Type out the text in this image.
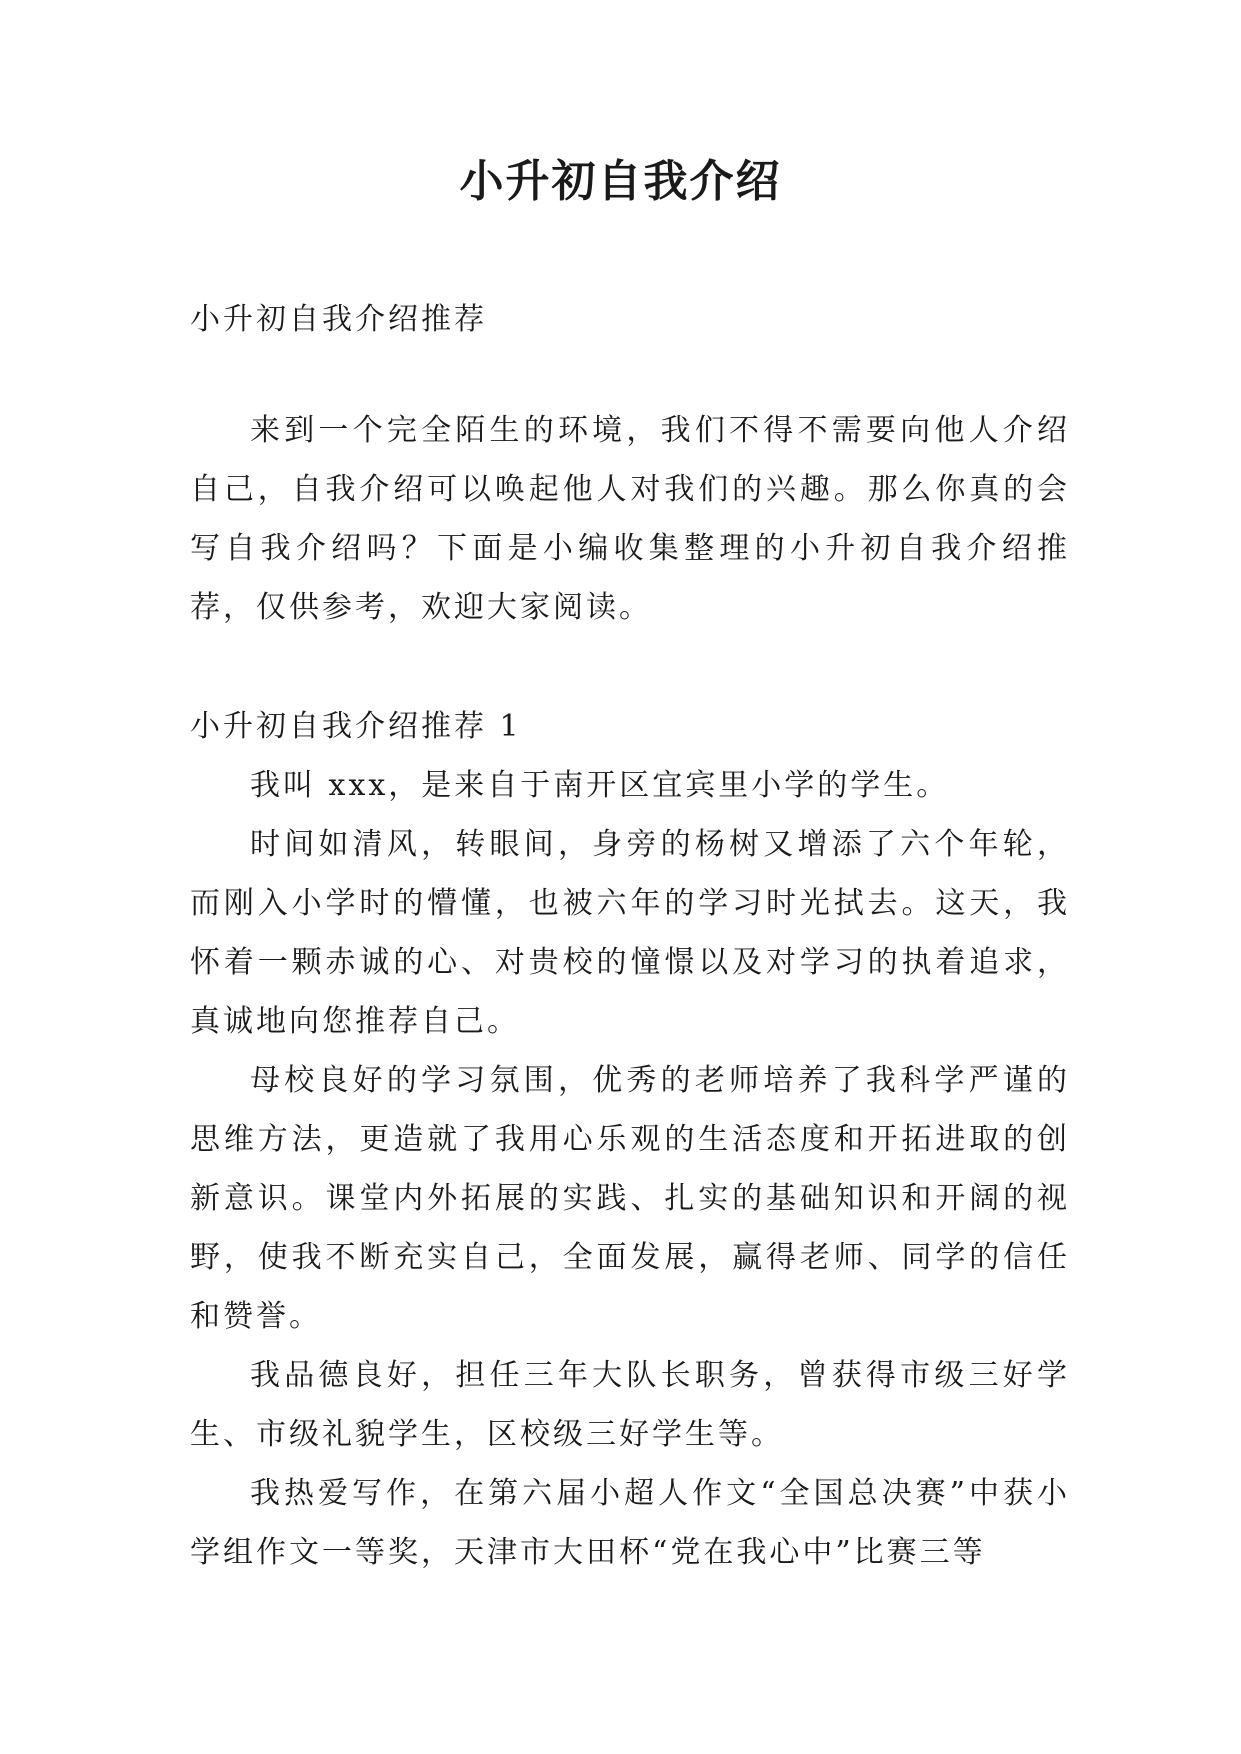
小升初自我介绍
小升初自我介绍推荐
来到一个完全陌生的环境，我们不得不需要向他人介绍自己，自我介绍可以唤起他人对我们的兴趣。那么你真的会写自我介绍吗？下面是小编收集整理的小升初自我介绍推荐，仅供参考，欢迎大家阅读。
小升初自我介绍推荐 1

我叫 xxx，是来自于南开区宜宾里小学的学生。

时间如清风，转眼间，身旁的杨树又增添了六个年轮，而刚入小学时的懵懂，也被六年的学习时光拭去。这天，我怀着一颗赤诚的心、对贵校的憧憬以及对学习的执着追求，真诚地向您推荐自己。

母校良好的学习氛围，优秀的老师培养了我科学严谨的思维方法，更造就了我用心乐观的生活态度和开拓进取的创新意识。课堂内外拓展的实践、扎实的基础知识和开阔的视野，使我不断充实自己，全面发展，赢得老师、同学的信任和赞誉。

我品德良好，担任三年大队长职务，曾获得市级三好学生、市级礼貌学生，区校级三好学生等。

我热爱写作，在第六届小超人作文“全国总决赛”中获小学组作文一等奖，天津市大田杯“党在我心中”比赛三等
